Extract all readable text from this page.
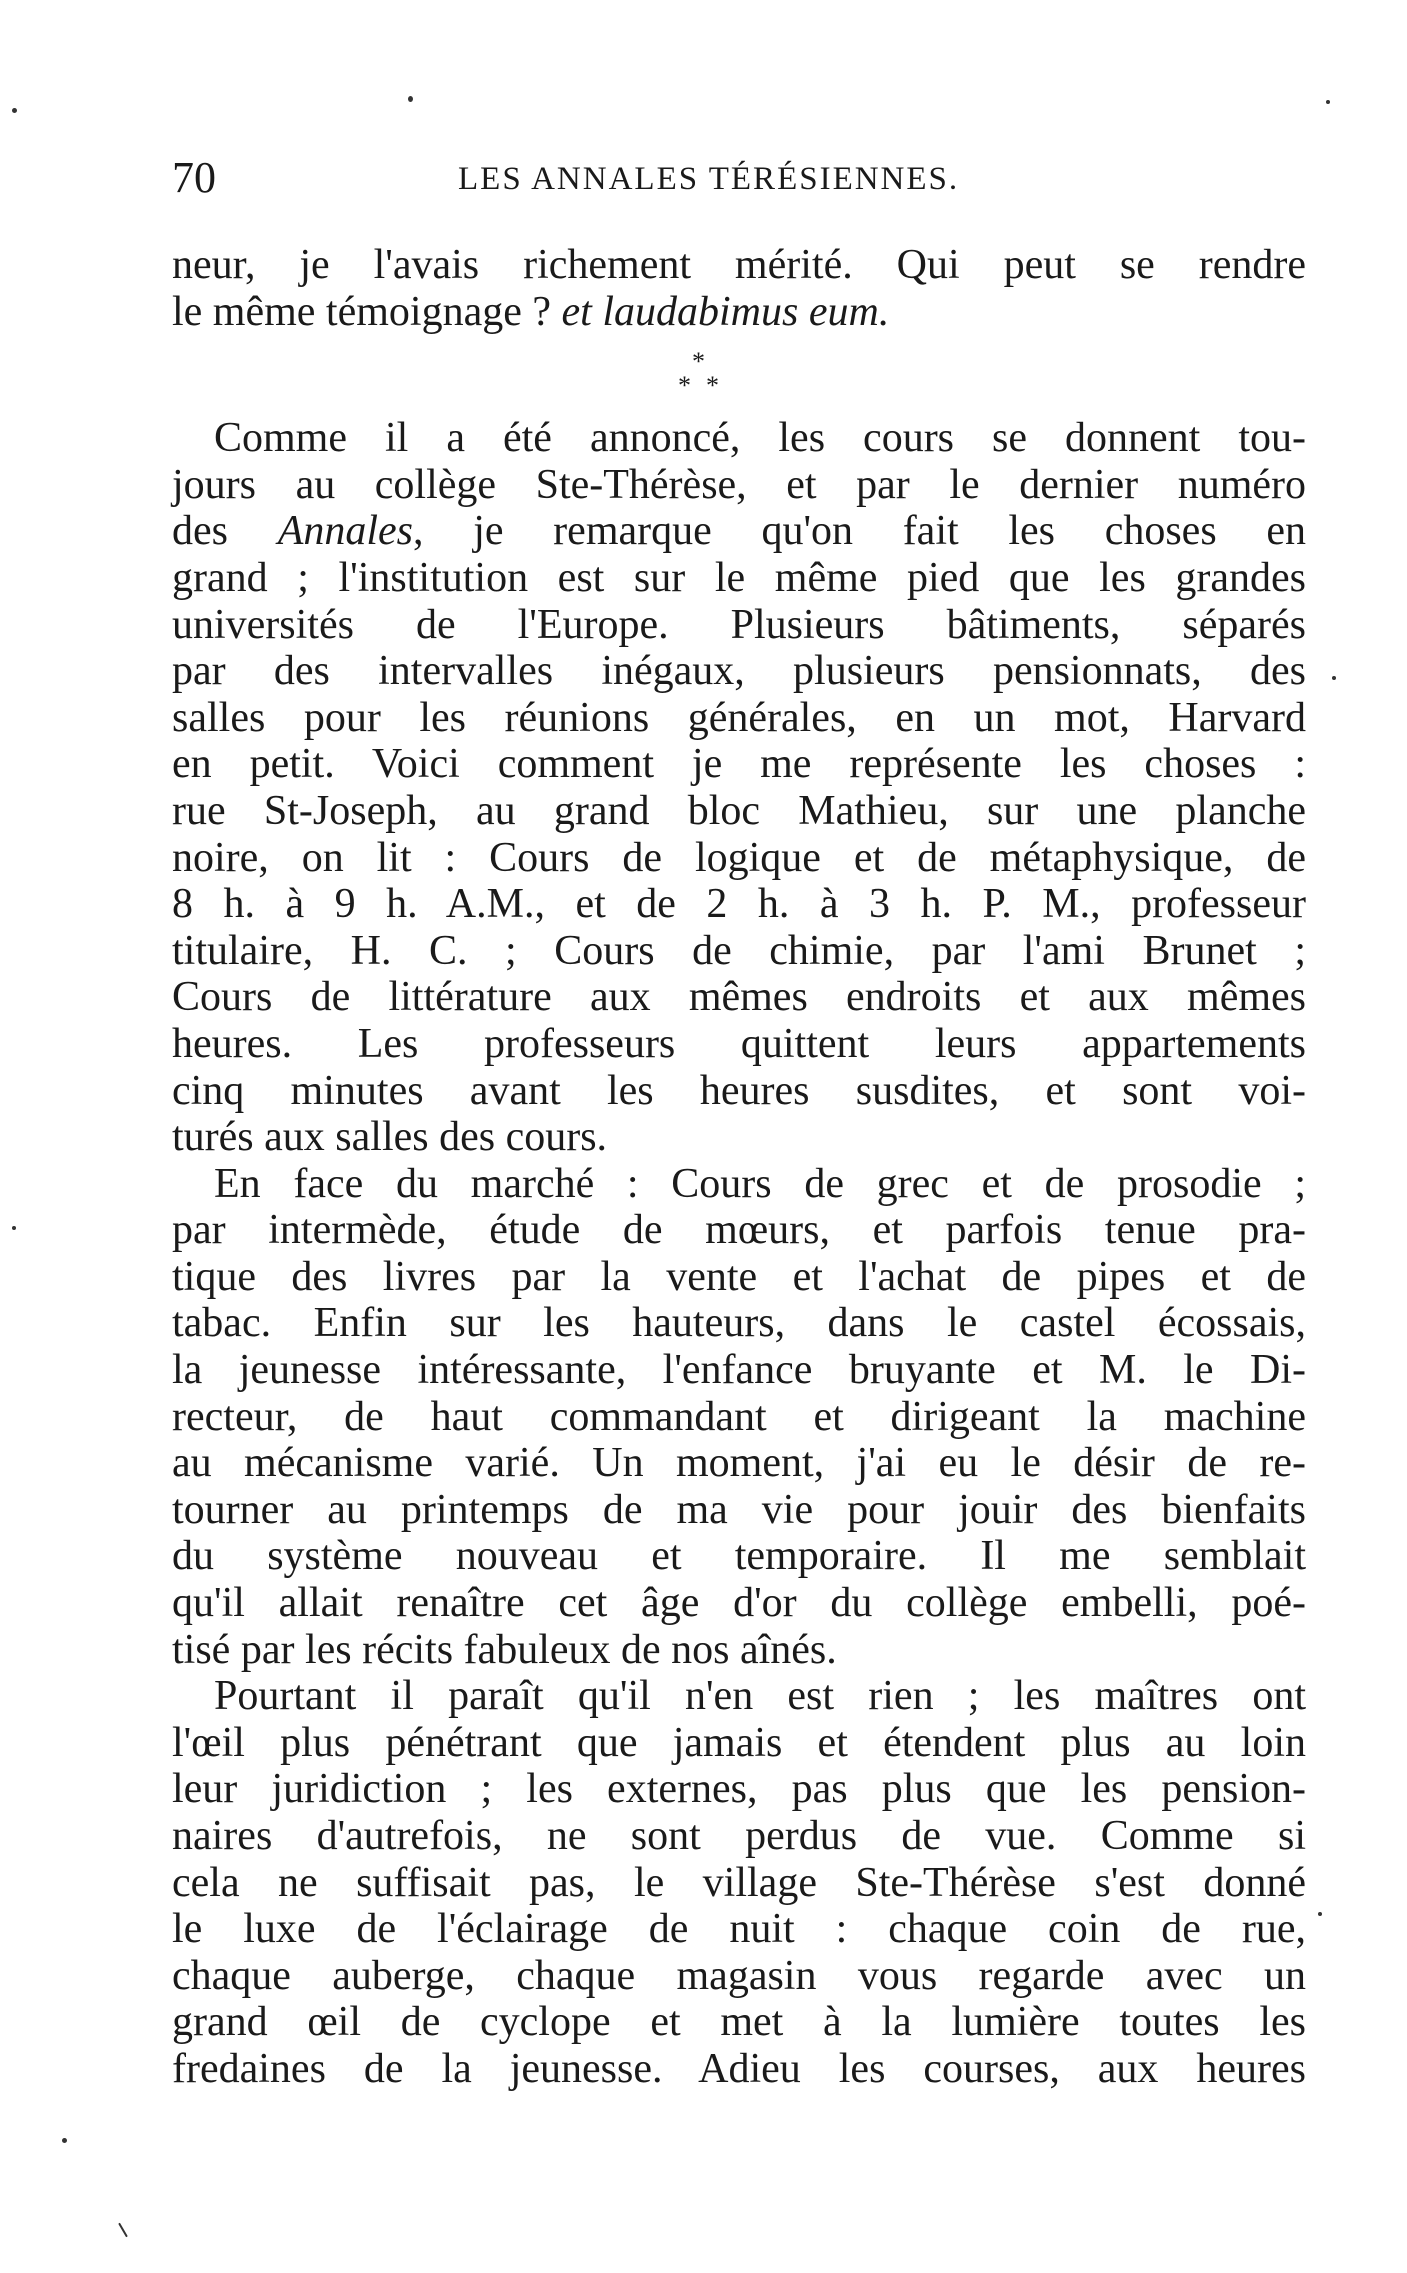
70	LES ANNALES TÉRÉSIENNES.
neur, je l'avais richement mérité. Qui peut se rendre
le même témoignage ? et laudabimus eum.
*
* *
Comme il a été annoncé, les cours se donnent tou-
jours au collège Ste-Thérèse, et par le dernier numéro
des Annales, je remarque qu'on fait les choses en
grand ; l'institution est sur le même pied que les grandes
universités de l'Europe. Plusieurs bâtiments, séparés
par des intervalles inégaux, plusieurs pensionnats, des
salles pour les réunions générales, en un mot, Harvard
en petit. Voici comment je me représente les choses :
rue St-Joseph, au grand bloc Mathieu, sur une planche
noire, on lit : Cours de logique et de métaphysique, de
8 h. à 9 h. A.M., et de 2 h. à 3 h. P. M., professeur
titulaire, H. C. ; Cours de chimie, par l'ami Brunet ;
Cours de littérature aux mêmes endroits et aux mêmes
heures. Les professeurs quittent leurs appartements
cinq minutes avant les heures susdites, et sont voi-
turés aux salles des cours.
En face du marché : Cours de grec et de prosodie ;
par intermède, étude de mœurs, et parfois tenue pra-
tique des livres par la vente et l'achat de pipes et de
tabac. Enfin sur les hauteurs, dans le castel écossais,
la jeunesse intéressante, l'enfance bruyante et M. le Di-
recteur, de haut commandant et dirigeant la machine
au mécanisme varié. Un moment, j'ai eu le désir de re-
tourner au printemps de ma vie pour jouir des bienfaits
du système nouveau et temporaire. Il me semblait
qu'il allait renaître cet âge d'or du collège embelli, poé-
tisé par les récits fabuleux de nos aînés.
Pourtant il paraît qu'il n'en est rien ; les maîtres ont
l'œil plus pénétrant que jamais et étendent plus au loin
leur juridiction ; les externes, pas plus que les pension-
naires d'autrefois, ne sont perdus de vue. Comme si
cela ne suffisait pas, le village Ste-Thérèse s'est donné
le luxe de l'éclairage de nuit : chaque coin de rue,
chaque auberge, chaque magasin vous regarde avec un
grand œil de cyclope et met à la lumière toutes les
fredaines de la jeunesse. Adieu les courses, aux heures
